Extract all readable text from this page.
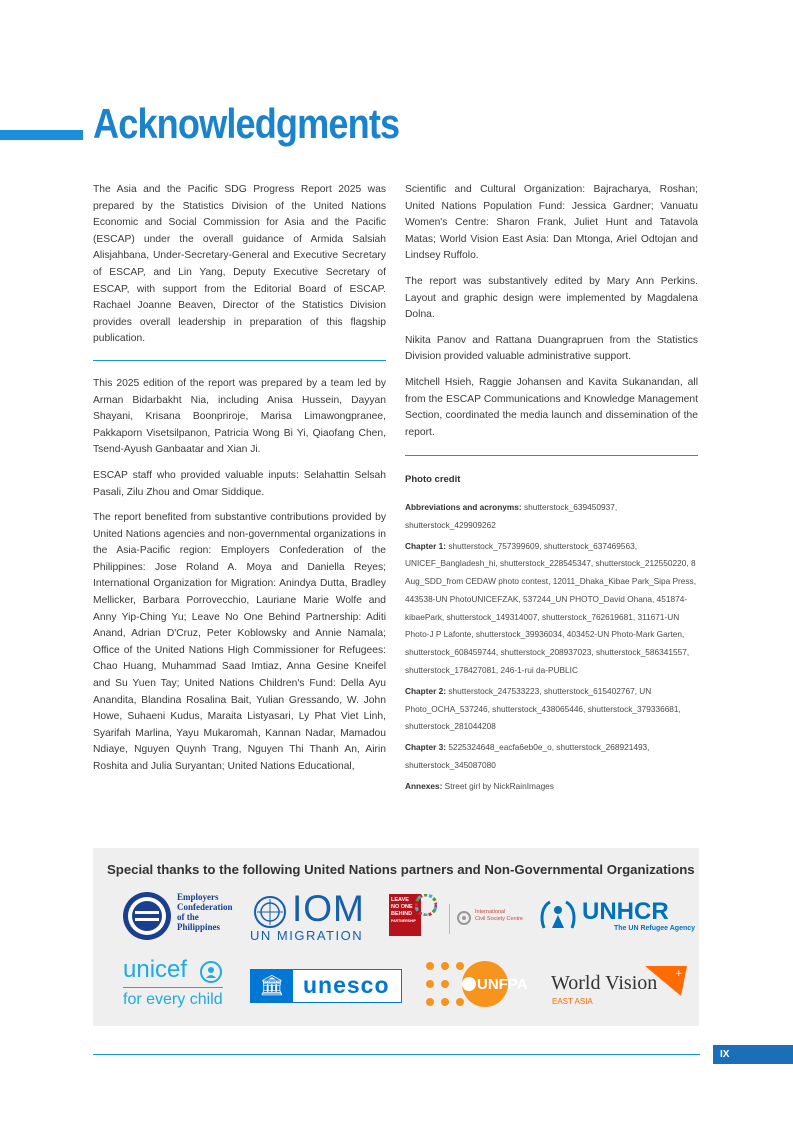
Acknowledgments

The Asia and the Pacific SDG Progress Report 2025 was prepared by the Statistics Division of the United Nations Economic and Social Commission for Asia and the Pacific (ESCAP) under the overall guidance of Armida Salsiah Alisjahbana, Under-Secretary-General and Executive Secretary of ESCAP, and Lin Yang, Deputy Executive Secretary of ESCAP, with support from the Editorial Board of ESCAP. Rachael Joanne Beaven, Director of the Statistics Division provides overall leadership in preparation of this flagship publication.

This 2025 edition of the report was prepared by a team led by Arman Bidarbakht Nia, including Anisa Hussein, Dayyan Shayani, Krisana Boonpriroje, Marisa Limawongpranee, Pakkaporn Visetsilpanon, Patricia Wong Bi Yi, Qiaofang Chen, Tsend-Ayush Ganbaatar and Xian Ji.

ESCAP staff who provided valuable inputs: Selahattin Selsah Pasali, Zilu Zhou and Omar Siddique.

The report benefited from substantive contributions provided by United Nations agencies and non-governmental organizations in the Asia-Pacific region: Employers Confederation of the Philippines: Jose Roland A. Moya and Daniella Reyes; International Organization for Migration: Anindya Dutta, Bradley Mellicker, Barbara Porrovecchio, Lauriane Marie Wolfe and Anny Yip-Ching Yu; Leave No One Behind Partnership: Aditi Anand, Adrian D'Cruz, Peter Koblowsky and Annie Namala; Office of the United Nations High Commissioner for Refugees: Chao Huang, Muhammad Saad Imtiaz, Anna Gesine Kneifel and Su Yuen Tay; United Nations Children's Fund: Della Ayu Anandita, Blandina Rosalina Bait, Yulian Gressando, W. John Howe, Suhaeni Kudus, Maraita Listyasari, Ly Phat Viet Linh, Syarifah Marlina, Yayu Mukaromah, Kannan Nadar, Mamadou Ndiaye, Nguyen Quynh Trang, Nguyen Thi Thanh An, Airin Roshita and Julia Suryantan; United Nations Educational,

Scientific and Cultural Organization: Bajracharya, Roshan; United Nations Population Fund: Jessica Gardner; Vanuatu Women's Centre: Sharon Frank, Juliet Hunt and Tatavola Matas; World Vision East Asia: Dan Mtonga, Ariel Odtojan and Lindsey Ruffolo.

The report was substantively edited by Mary Ann Perkins. Layout and graphic design were implemented by Magdalena Dolna.

Nikita Panov and Rattana Duangrapruen from the Statistics Division provided valuable administrative support.

Mitchell Hsieh, Raggie Johansen and Kavita Sukanandan, all from the ESCAP Communications and Knowledge Management Section, coordinated the media launch and dissemination of the report.

Photo credit
Abbreviations and acronyms: shutterstock_639450937, shutterstock_429909262
Chapter 1: shutterstock_757399609, shutterstock_637469563, UNICEF_Bangladesh_hi, shutterstock_228545347, shutterstock_212550220, 8 Aug_SDD_from CEDAW photo contest, 12011_Dhaka_Kibae Park_Sipa Press, 443538-UN PhotoUNICEFZAK, 537244_UN PHOTO_David Ohana, 451874-kibaePark, shutterstock_149314007, shutterstock_762619681, 311671-UN Photo-J P Lafonte, shutterstock_39936034, 403452-UN Photo-Mark Garten, shutterstock_608459744, shutterstock_208937023, shutterstock_586341557, shutterstock_178427081, 246-1-rui da-PUBLIC
Chapter 2: shutterstock_247533223, shutterstock_615402767, UN Photo_OCHA_537246, shutterstock_438065446, shutterstock_379336681, shutterstock_281044208
Chapter 3: 5225324648_eacfa6eb0e_o, shutterstock_268921493, shutterstock_345087080
Annexes: Street girl by NickRainImages
Special thanks to the following United Nations partners and Non-Governmental Organizations
Employers
Confederation
of the
Philippines	IOM
UN MIGRATION
LEAVE
NO ONE
BEHIND
PARTNERSHIP
International
Civil Society Centre UNHCR
The UN Refugee Agency
unicef
for every child
🏛 unesco	UNFPA
+
World Vision
EAST ASIA
IX
